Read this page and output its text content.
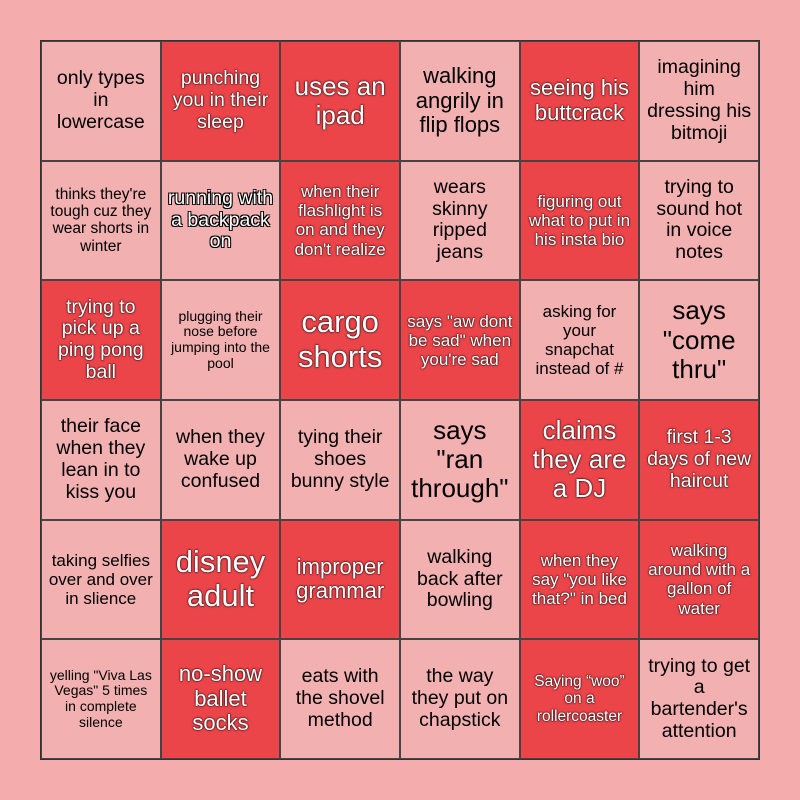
only types in lowercase
punching you in their sleep
uses an ipad
walking angrily in flip flops
seeing his buttcrack
imagining him dressing his bitmoji
thinks they're tough cuz they wear shorts in winter
running with a backpack on
when their flashlight is on and they don't realize
wears skinny ripped jeans
figuring out what to put in his insta bio
trying to sound hot in voice notes
trying to pick up a ping pong ball
plugging their nose before jumping into the pool
cargo shorts
says "aw dont be sad" when you're sad
asking for your snapchat instead of #
says "come thru"
their face when they lean in to kiss you
when they wake up confused
tying their shoes bunny style
says "ran through"
claims they are a DJ
first 1-3 days of new haircut
taking selfies over and over in slience
disney adult
improper grammar
walking back after bowling
when they say "you like that?" in bed
walking around with a gallon of water
yelling "Viva Las Vegas" 5 times in complete silence
no-show ballet socks
eats with the shovel method
the way they put on chapstick
Saying “woo” on a rollercoaster
trying to get a bartender's attention
